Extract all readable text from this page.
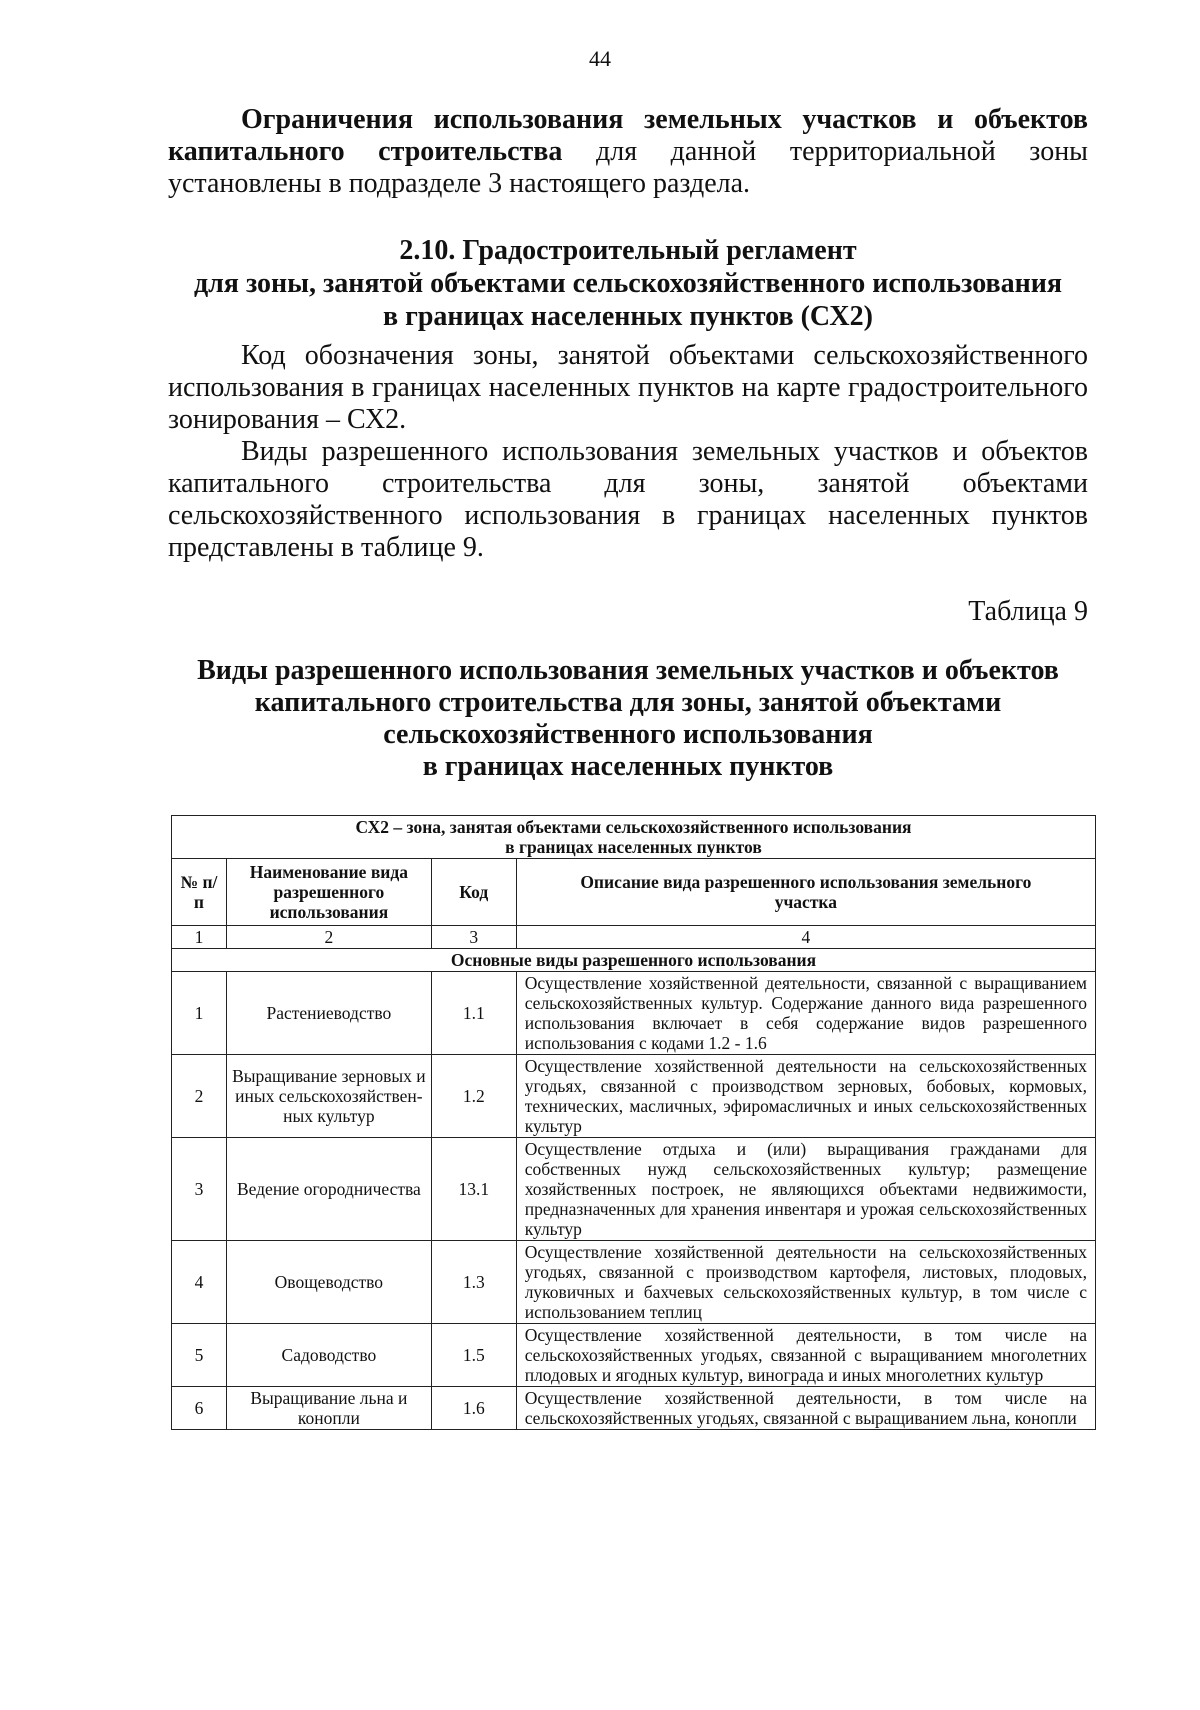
44

Ограничения использования земельных участков и объектов капитального строительства для данной территориальной зоны установлены в подразделе 3 настоящего раздела.

2.10. Градостроительный регламент
для зоны, занятой объектами сельскохозяйственного использования
в границах населенных пунктов (СХ2)

Код обозначения зоны, занятой объектами сельскохозяйственного использования в границах населенных пунктов на карте градостроительного зонирования – СХ2.

Виды разрешенного использования земельных участков и объектов капитального строительства для зоны, занятой объектами сельскохозяйственного использования в границах населенных пунктов представлены в таблице 9.

Таблица 9
Виды разрешенного использования земельных участков и объектов
капитального строительства для зоны, занятой объектами
сельскохозяйственного использования
в границах населенных пунктов
СХ2 – зона, занятая объектами сельскохозяйственного использования
в границах населенных пунктов			

№ п/п	Наименование вида разрешенного использования	Код	Описание вида разрешенного использования земельного участка
1	2	3	4
Основные виды разрешенного использования			
1	Растениеводство	1.1	Осуществление хозяйственной деятельности, связанной с выращиванием сельскохозяйственных культур. Содержание данного вида разрешенного использования включает в себя содержание видов разрешенного использования с кодами 1.2 - 1.6
2	Выращивание зерновых и иных сельскохозяйствен-ных культур	1.2	Осуществление хозяйственной деятельности на сельскохозяйственных угодьях, связанной с производством зерновых, бобовых, кормовых, технических, масличных, эфиромасличных и иных сельскохозяйственных культур
3	Ведение огородничества	13.1	Осуществление отдыха и (или) выращивания гражданами для собственных нужд сельскохозяйственных культур; размещение хозяйственных построек, не являющихся объектами недвижимости, предназначенных для хранения инвентаря и урожая сельскохозяйственных культур
4	Овощеводство	1.3	Осуществление хозяйственной деятельности на сельскохозяйственных угодьях, связанной с производством картофеля, листовых, плодовых, луковичных и бахчевых сельскохозяйственных культур, в том числе с использованием теплиц
5	Садоводство	1.5	Осуществление хозяйственной деятельности, в том числе на сельскохозяйственных угодьях, связанной с выращиванием многолетних плодовых и ягодных культур, винограда и иных многолетних культур
6	Выращивание льна и конопли	1.6	Осуществление хозяйственной деятельности, в том числе на сельскохозяйственных угодьях, связанной с выращиванием льна, конопли
